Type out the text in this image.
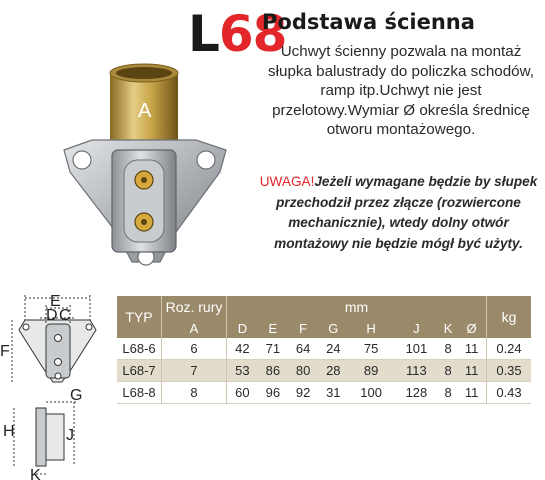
A
L68
Podstawa ścienna
Uchwyt ścienny pozwala na montaż słupka balustrady do policzka schodów, ramp itp.Uchwyt nie jest przelotowy.Wymiar Ø określa średnicę otworu montażowego.
UWAGA!Jeżeli wymagane będzie by słupek przechodził przez złącze (rozwiercone mechanicznie), wtedy dolny otwór montażowy nie będzie mógł być użyty.
E
D C
F
G
H	J
K
TYP	Roz. rury	mm								kg
	A	D	E	F	G	H	J	K	Ø	
L68-6	6	42	71	64	24	75	101	8	11	0.24
L68-7	7	53	86	80	28	89	113	8	11	0.35
L68-8	8	60	96	92	31	100	128	8	11	0.43
